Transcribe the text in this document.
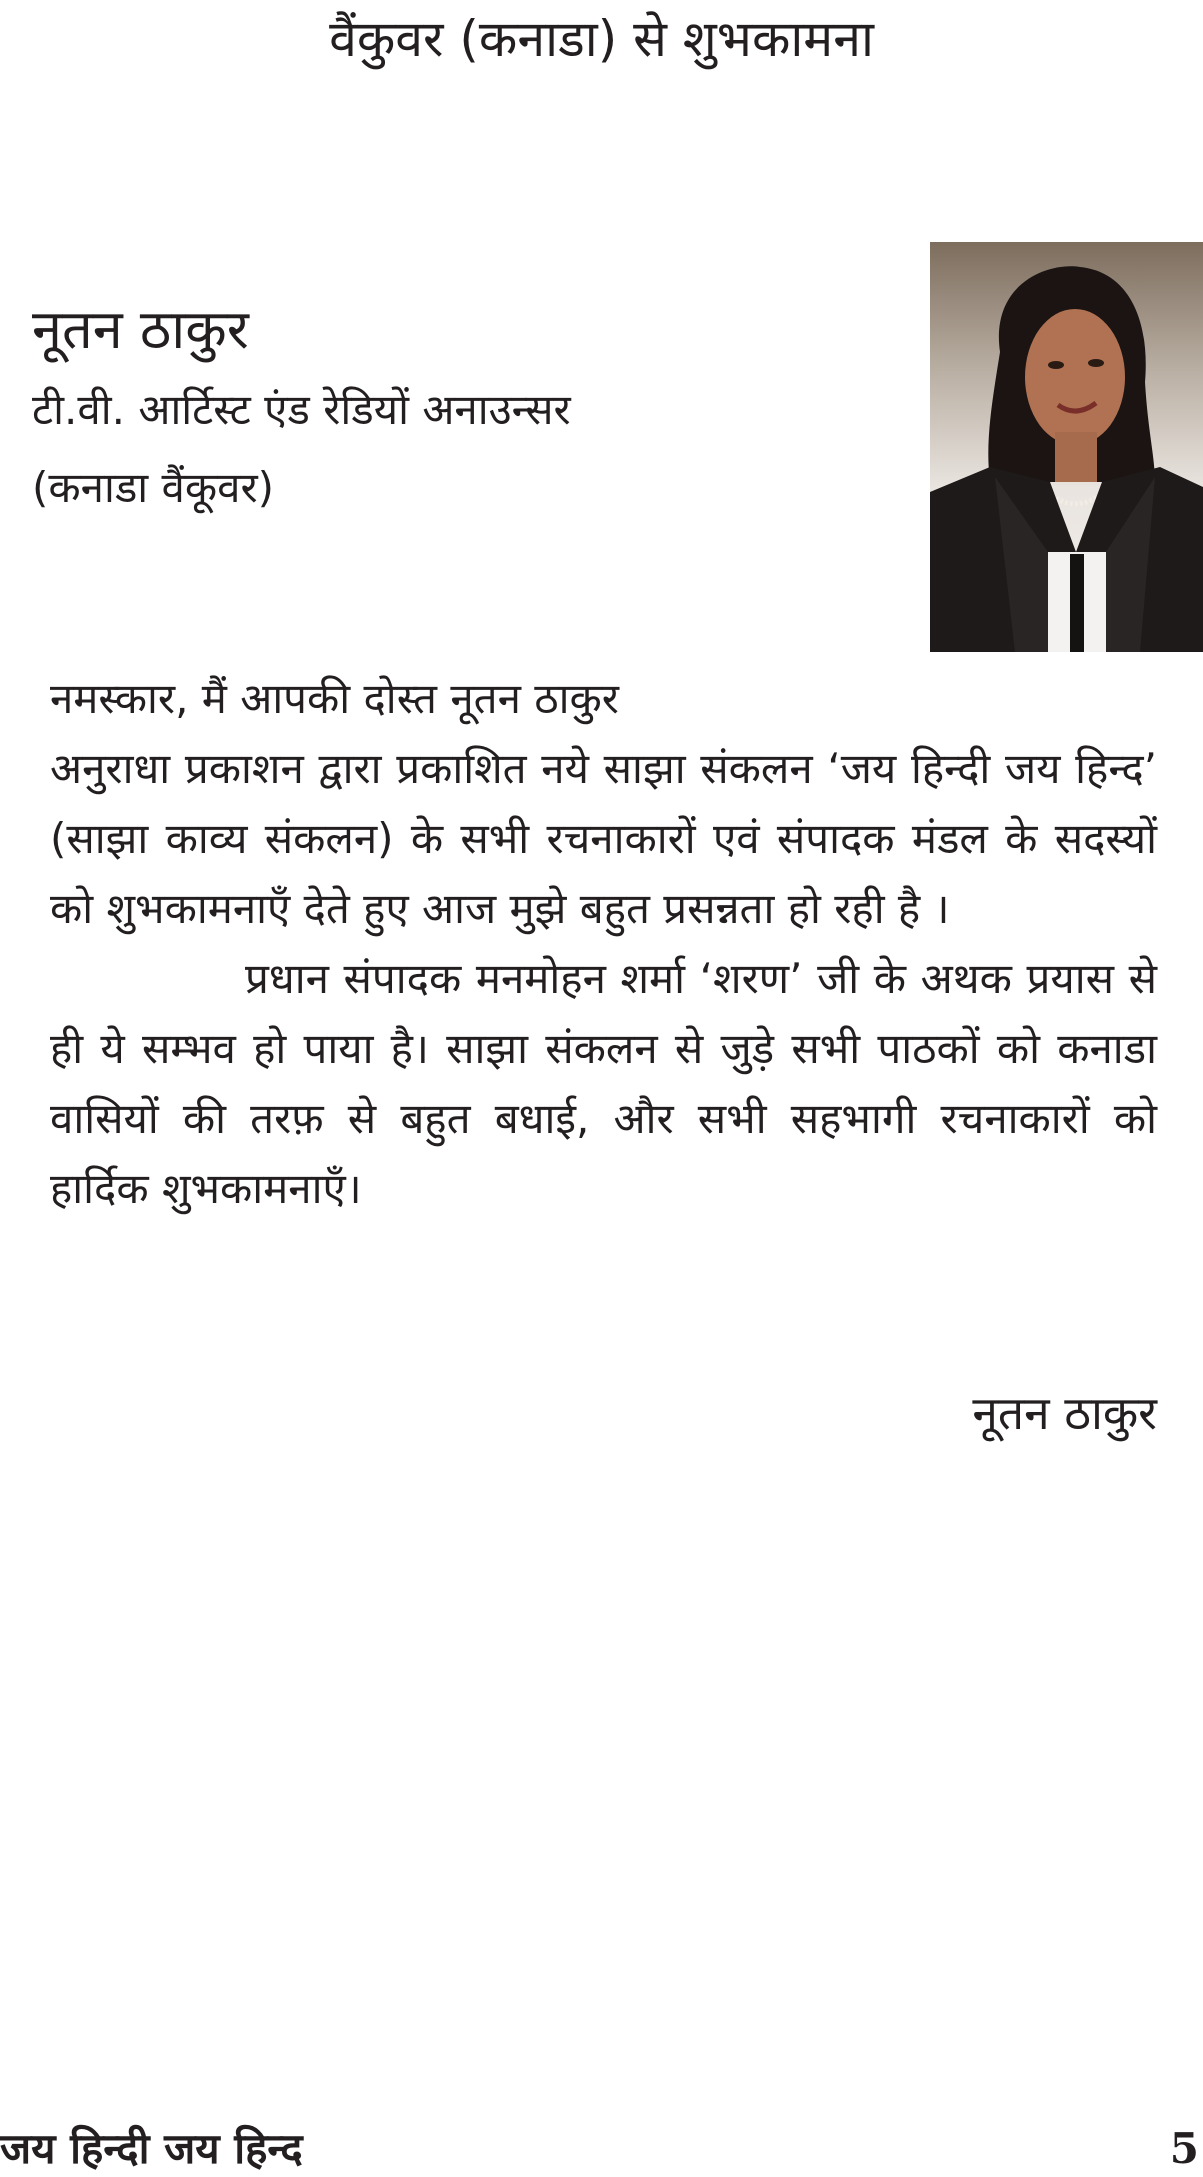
वैंकुवर (कनाडा) से शुभकामना
नूतन ठाकुर
टी.वी. आर्टिस्ट एंड रेडियों अनाउन्सर
(कनाडा वैंकूवर)

नमस्कार, मैं आपकी दोस्त नूतन ठाकुर
अनुराधा प्रकाशन द्वारा प्रकाशित नये साझा संकलन ‘जय हिन्दी जय हिन्द’ (साझा काव्य संकलन) के सभी रचनाकारों एवं संपादक मंडल के सदस्यों को शुभकामनाएँ देते हुए आज मुझे बहुत प्रसन्नता हो रही है ।

प्रधान संपादक मनमोहन शर्मा ‘शरण’ जी के अथक प्रयास से ही ये सम्भव हो पाया है। साझा संकलन से जुड़े सभी पाठकों को कनाडा वासियों की तरफ़ से बहुत बधाई, और सभी सहभागी रचनाकारों को हार्दिक शुभकामनाएँ।

नूतन ठाकुर
जय हिन्दी जय हिन्द	5
